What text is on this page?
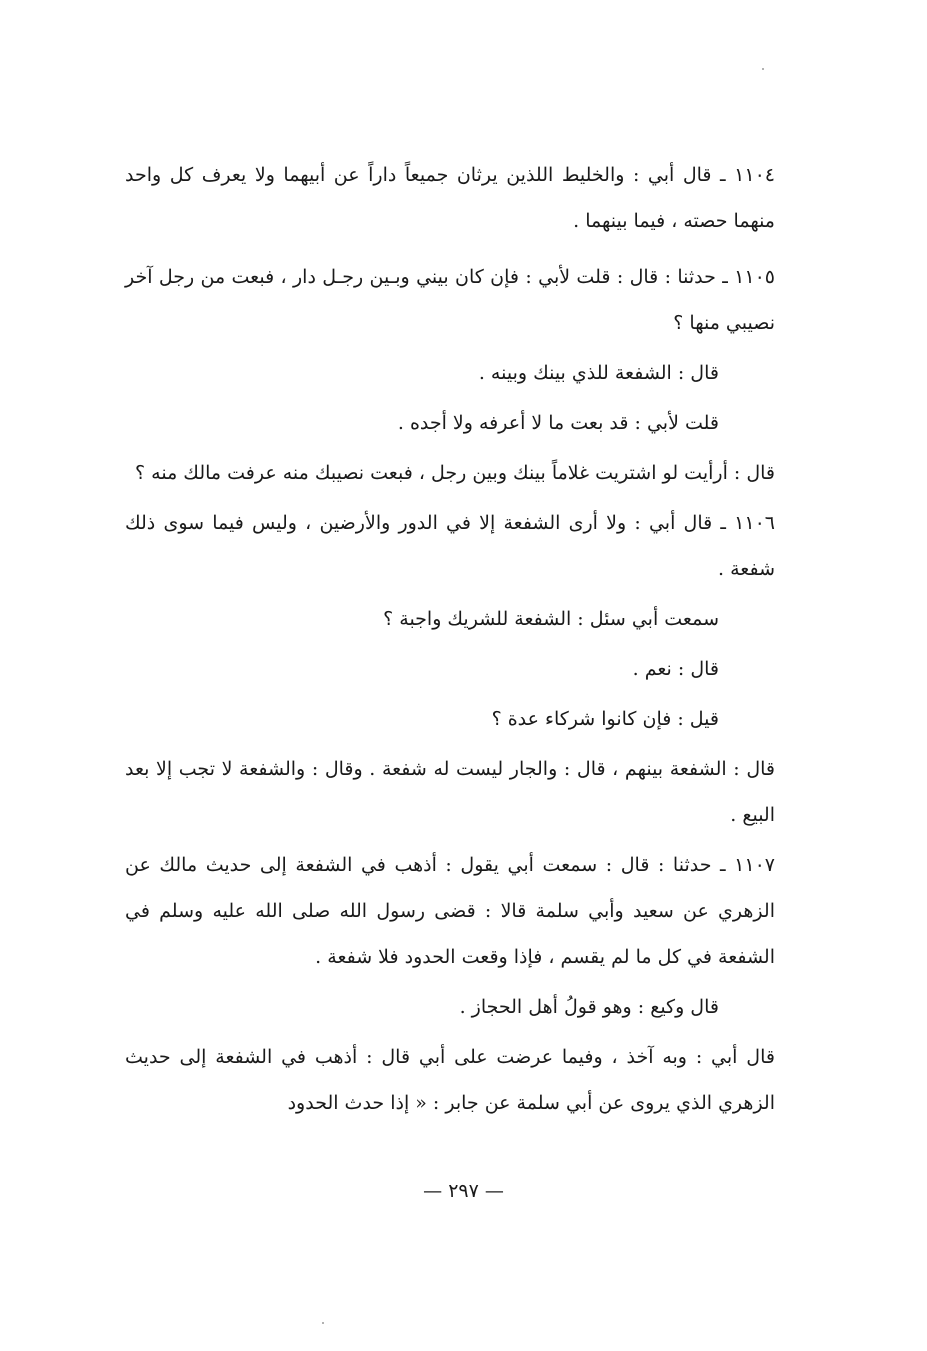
١١٠٤ ـ قال أبي : والخليط اللذين يرثان جميعاً داراً عن أبيهما ولا يعرف كل واحد منهما حصته ، فيما بينهما .

١١٠٥ ـ حدثنا : قال : قلت لأبي : فإن كان بيني وبـين رجـل دار ، فبعت من رجل آخر نصيبي منها ؟

قال : الشفعة للذي بينك وبينه .

قلت لأبي : قد بعت ما لا أعرفه ولا أجده .

قال : أرأيت لو اشتريت غلاماً بينك وبين رجل ، فبعت نصيبك منه عرفت مالك منه ؟

١١٠٦ ـ قال أبي : ولا أرى الشفعة إلا في الدور والأرضين ، وليس فيما سوى ذلك شفعة .

سمعت أبي سئل : الشفعة للشريك واجبة ؟

قال : نعم .

قيل : فإن كانوا شركاء عدة ؟

قال : الشفعة بينهم ، قال : والجار ليست له شفعة . وقال : والشفعة لا تجب إلا بعد البيع .

١١٠٧ ـ حدثنا : قال : سمعت أبي يقول : أذهب في الشفعة إلى حديث مالك عن الزهري عن سعيد وأبي سلمة قالا : قضى رسول الله صلى الله عليه وسلم في الشفعة في كل ما لم يقسم ، فإذا وقعت الحدود فلا شفعة .

قال وكيع : وهو قولُ أهل الحجاز .

قال أبي : وبه آخذ ، وفيما عرضت على أبي قال : أذهب في الشفعة إلى حديث الزهري الذي يروى عن أبي سلمة عن جابر : « إذا حدث الحدود

— ٢٩٧ —
